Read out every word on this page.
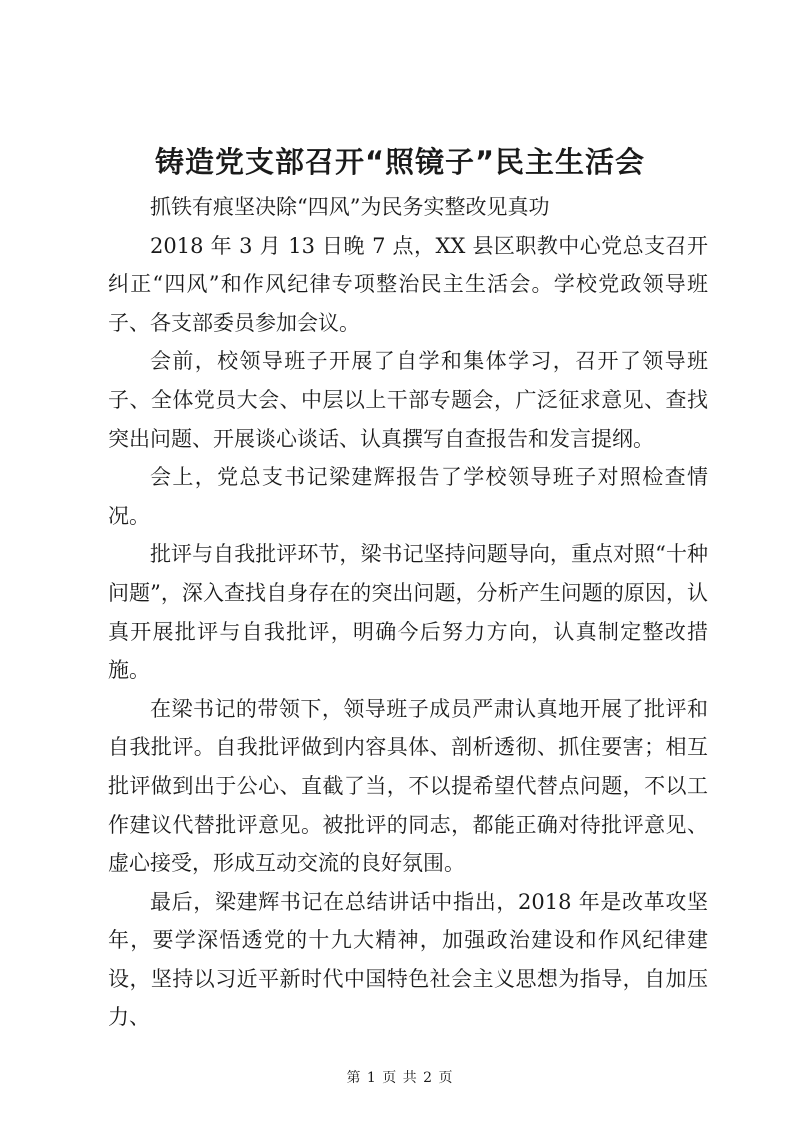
铸造党支部召开“照镜子”民主生活会

抓铁有痕坚决除“四风”为民务实整改见真功

2018 年 3 月 13 日晚 7 点，XX 县区职教中心党总支召开纠正“四风”和作风纪律专项整治民主生活会。学校党政领导班子、各支部委员参加会议。

会前，校领导班子开展了自学和集体学习，召开了领导班子、全体党员大会、中层以上干部专题会，广泛征求意见、查找突出问题、开展谈心谈话、认真撰写自查报告和发言提纲。

会上，党总支书记梁建辉报告了学校领导班子对照检查情况。

批评与自我批评环节，梁书记坚持问题导向，重点对照“十种问题”，深入查找自身存在的突出问题，分析产生问题的原因，认真开展批评与自我批评，明确今后努力方向，认真制定整改措施。

在梁书记的带领下，领导班子成员严肃认真地开展了批评和自我批评。自我批评做到内容具体、剖析透彻、抓住要害；相互批评做到出于公心、直截了当，不以提希望代替点问题，不以工作建议代替批评意见。被批评的同志，都能正确对待批评意见、虚心接受，形成互动交流的良好氛围。

最后，梁建辉书记在总结讲话中指出，2018 年是改革攻坚年，要学深悟透党的十九大精神，加强政治建设和作风纪律建设，坚持以习近平新时代中国特色社会主义思想为指导，自加压力、

第 1 页 共 2 页
